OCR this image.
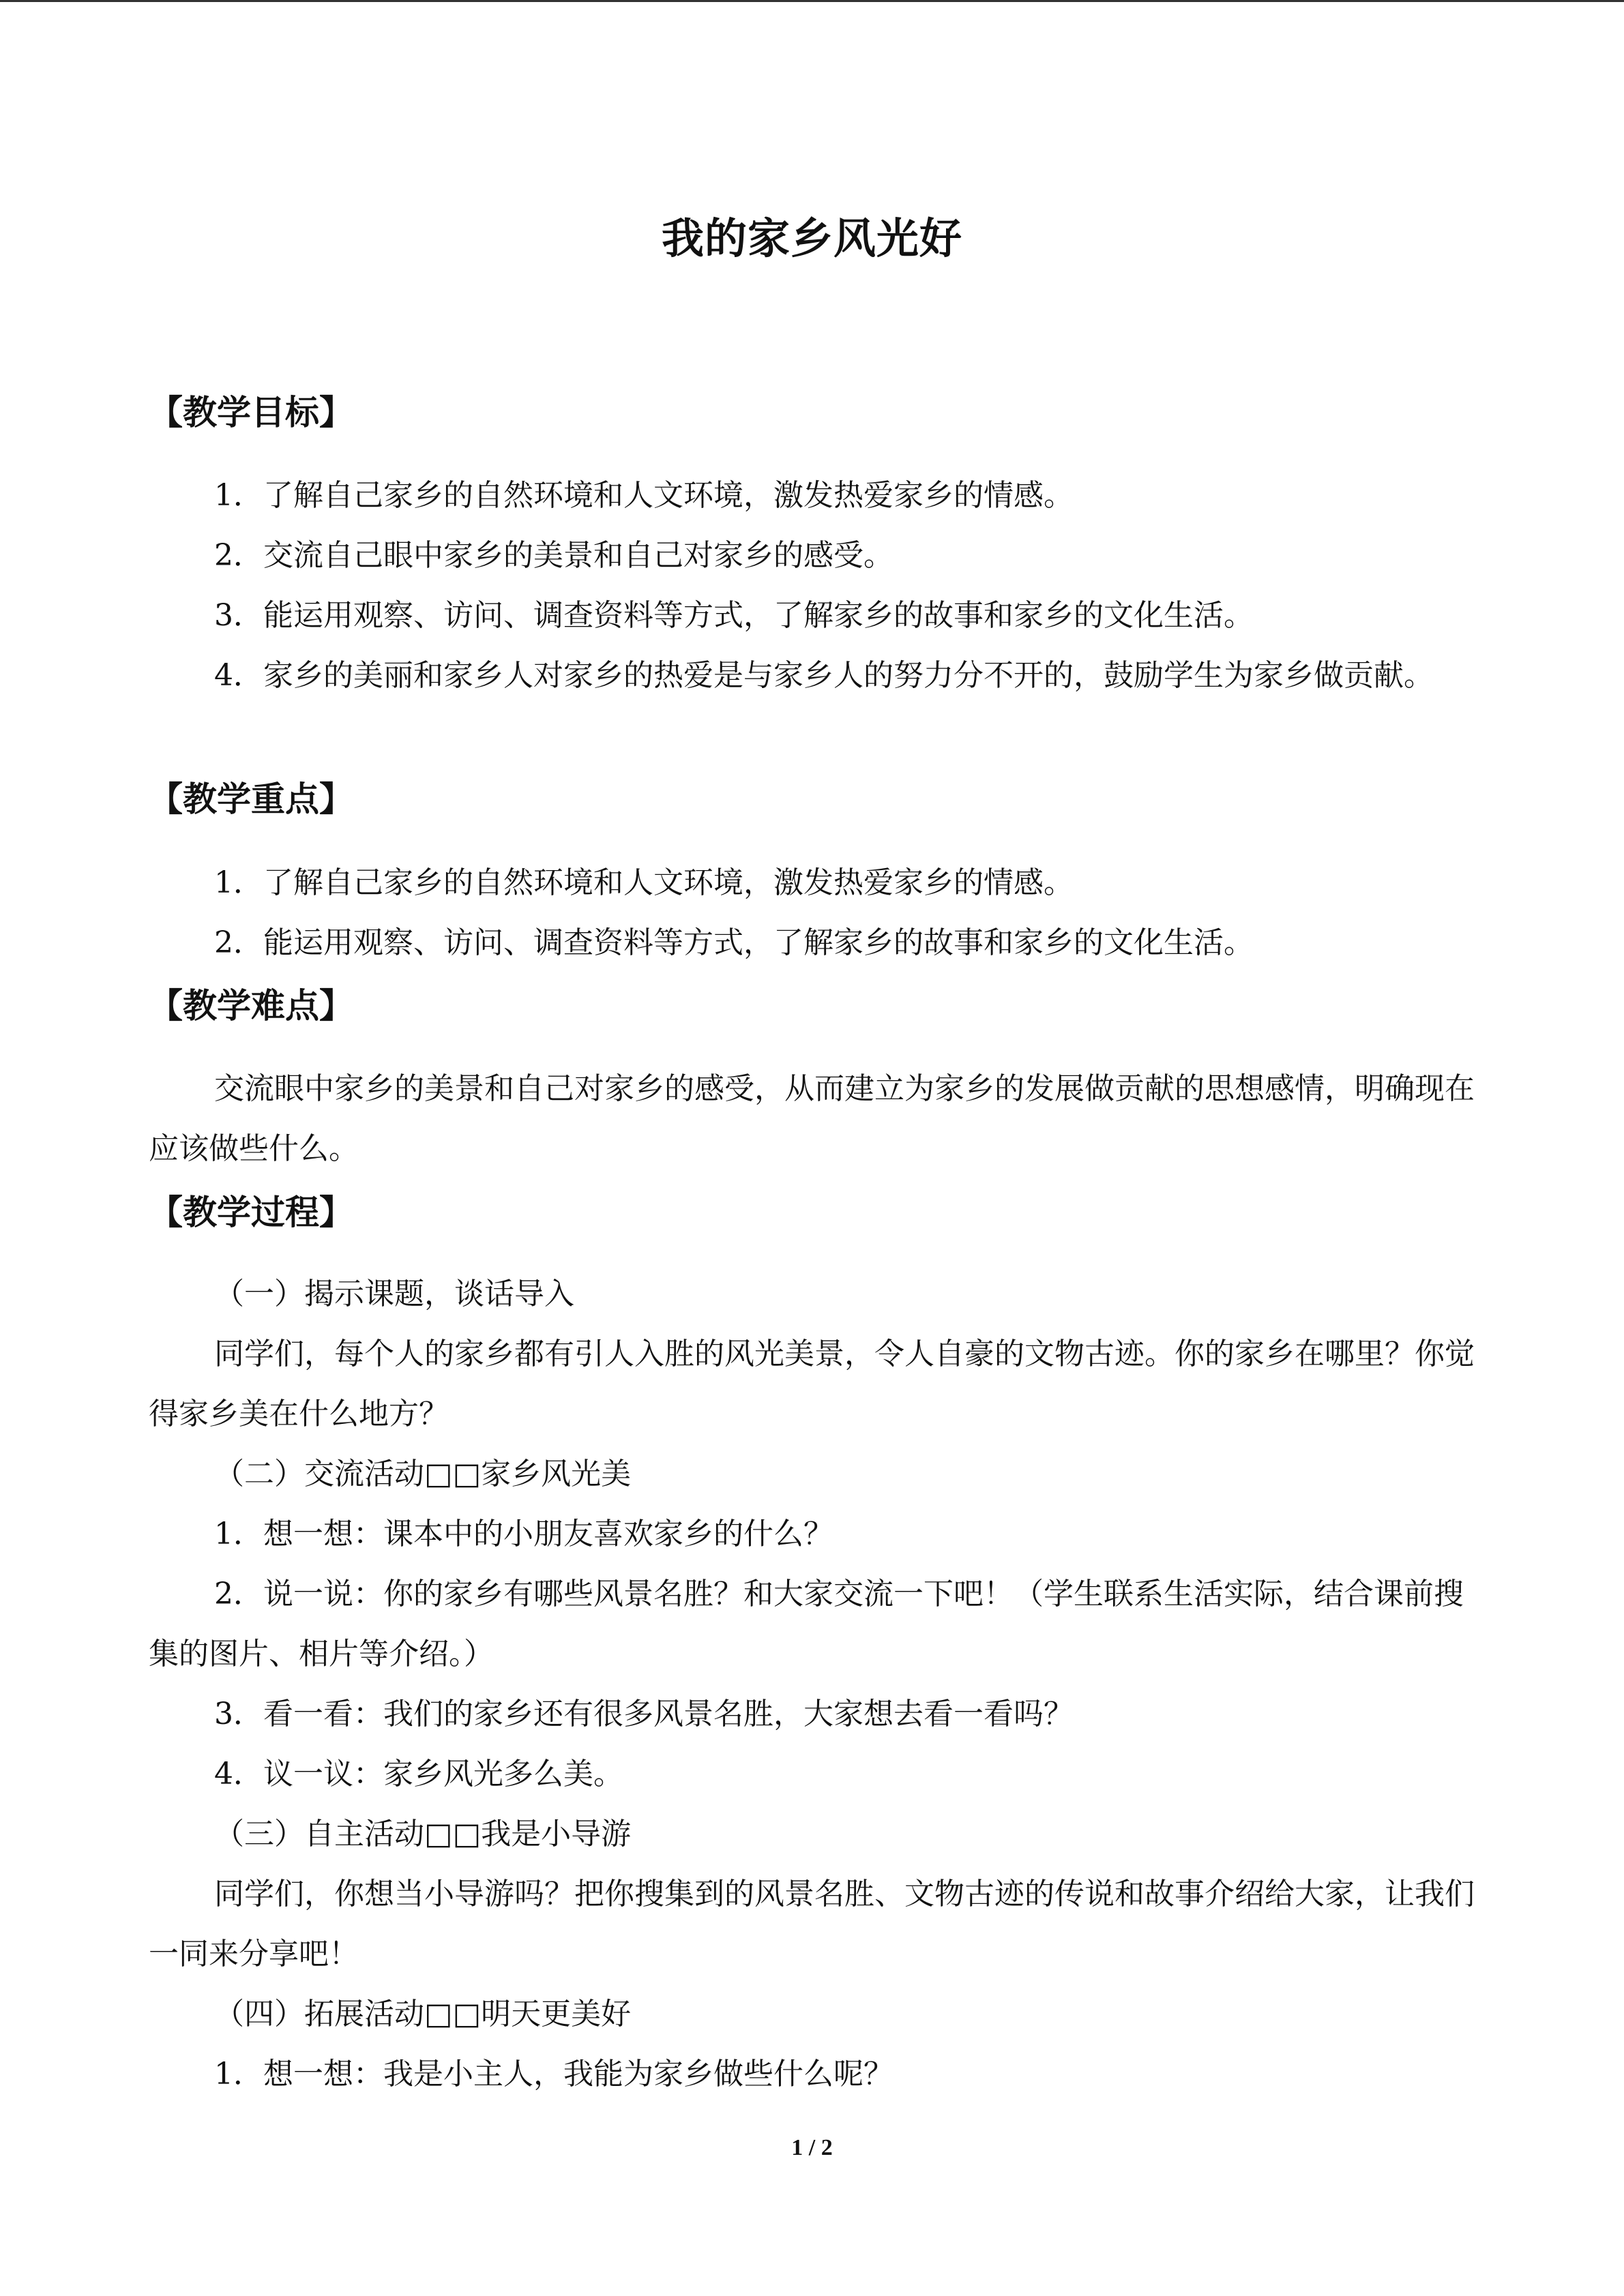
我的家乡风光好
【教学目标】
1．了解自己家乡的自然环境和人文环境，激发热爱家乡的情感。
2．交流自己眼中家乡的美景和自己对家乡的感受。
3．能运用观察、访问、调查资料等方式，了解家乡的故事和家乡的文化生活。
4．家乡的美丽和家乡人对家乡的热爱是与家乡人的努力分不开的，鼓励学生为家乡做贡献。
【教学重点】
1．了解自己家乡的自然环境和人文环境，激发热爱家乡的情感。
2．能运用观察、访问、调查资料等方式，了解家乡的故事和家乡的文化生活。
【教学难点】
交流眼中家乡的美景和自己对家乡的感受，从而建立为家乡的发展做贡献的思想感情，明确现在应该做些什么。
【教学过程】
（一）揭示课题，谈话导入
同学们，每个人的家乡都有引人入胜的风光美景，令人自豪的文物古迹。你的家乡在哪里？你觉得家乡美在什么地方？
（二）交流活动□□家乡风光美
1．想一想：课本中的小朋友喜欢家乡的什么？
2．说一说：你的家乡有哪些风景名胜？和大家交流一下吧！（学生联系生活实际，结合课前搜集的图片、相片等介绍。）
3．看一看：我们的家乡还有很多风景名胜，大家想去看一看吗？
4．议一议：家乡风光多么美。
（三）自主活动□□我是小导游
同学们，你想当小导游吗？把你搜集到的风景名胜、文物古迹的传说和故事介绍给大家，让我们一同来分享吧！
（四）拓展活动□□明天更美好
1．想一想：我是小主人，我能为家乡做些什么呢？
1 / 2
